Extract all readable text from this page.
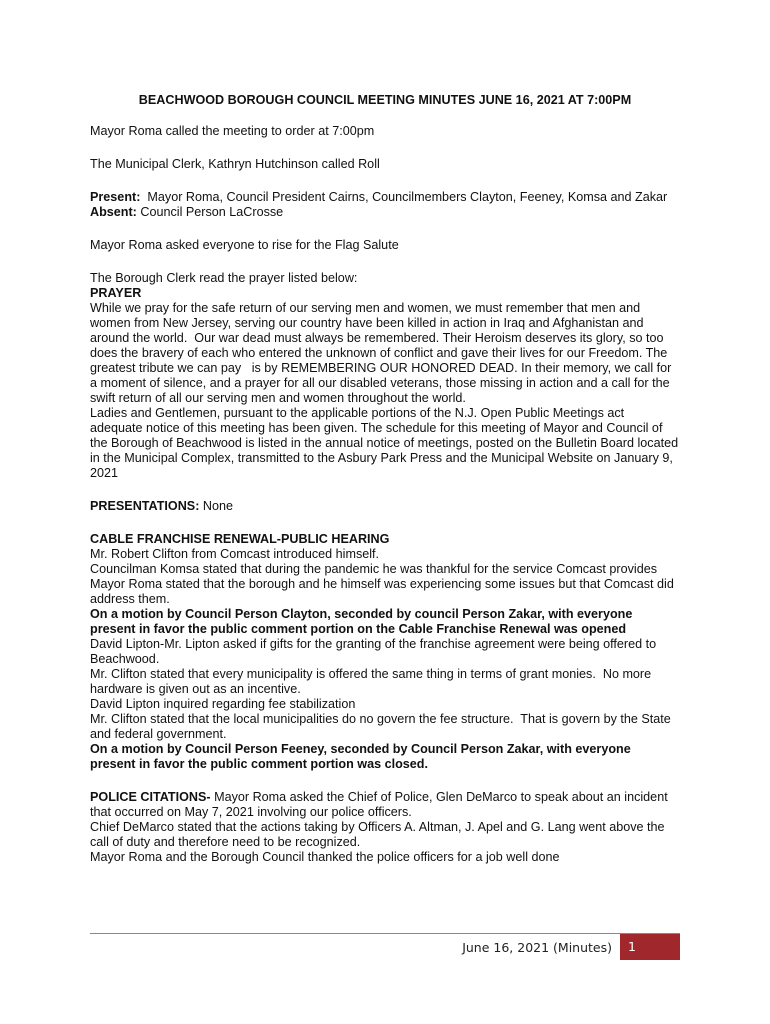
BEACHWOOD BOROUGH COUNCIL MEETING MINUTES JUNE 16, 2021 AT 7:00PM
Mayor Roma called the meeting to order at 7:00pm
The Municipal Clerk, Kathryn Hutchinson called Roll
Present:  Mayor Roma, Council President Cairns, Councilmembers Clayton, Feeney, Komsa and Zakar
Absent: Council Person LaCrosse
Mayor Roma asked everyone to rise for the Flag Salute
The Borough Clerk read the prayer listed below:
PRAYER
While we pray for the safe return of our serving men and women, we must remember that men and
women from New Jersey, serving our country have been killed in action in Iraq and Afghanistan and
around the world.  Our war dead must always be remembered. Their Heroism deserves its glory, so too
does the bravery of each who entered the unknown of conflict and gave their lives for our Freedom. The
greatest tribute we can pay   is by REMEMBERING OUR HONORED DEAD. In their memory, we call for
a moment of silence, and a prayer for all our disabled veterans, those missing in action and a call for the
swift return of all our serving men and women throughout the world.
Ladies and Gentlemen, pursuant to the applicable portions of the N.J. Open Public Meetings act
adequate notice of this meeting has been given. The schedule for this meeting of Mayor and Council of
the Borough of Beachwood is listed in the annual notice of meetings, posted on the Bulletin Board located
in the Municipal Complex, transmitted to the Asbury Park Press and the Municipal Website on January 9,
2021
PRESENTATIONS: None
CABLE FRANCHISE RENEWAL-PUBLIC HEARING
Mr. Robert Clifton from Comcast introduced himself.
Councilman Komsa stated that during the pandemic he was thankful for the service Comcast provides
Mayor Roma stated that the borough and he himself was experiencing some issues but that Comcast did
address them.
On a motion by Council Person Clayton, seconded by council Person Zakar, with everyone
present in favor the public comment portion on the Cable Franchise Renewal was opened
David Lipton-Mr. Lipton asked if gifts for the granting of the franchise agreement were being offered to
Beachwood.
Mr. Clifton stated that every municipality is offered the same thing in terms of grant monies.  No more
hardware is given out as an incentive.
David Lipton inquired regarding fee stabilization
Mr. Clifton stated that the local municipalities do no govern the fee structure.  That is govern by the State
and federal government.
On a motion by Council Person Feeney, seconded by Council Person Zakar, with everyone
present in favor the public comment portion was closed.
POLICE CITATIONS- Mayor Roma asked the Chief of Police, Glen DeMarco to speak about an incident
that occurred on May 7, 2021 involving our police officers.
Chief DeMarco stated that the actions taking by Officers A. Altman, J. Apel and G. Lang went above the
call of duty and therefore need to be recognized.
Mayor Roma and the Borough Council thanked the police officers for a job well done
June 16, 2021 (Minutes)	1
